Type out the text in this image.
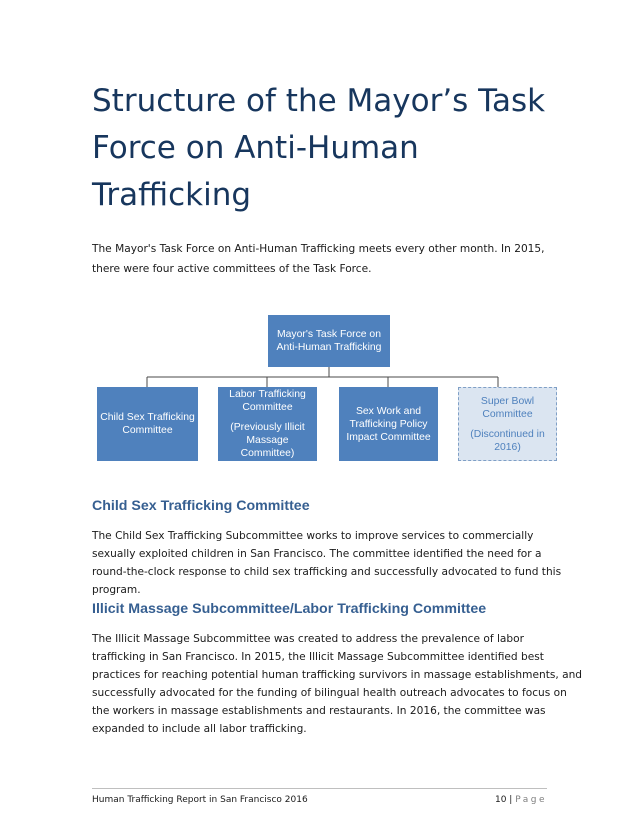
Structure of the Mayor’s Task
Force on Anti-Human
Trafficking

The Mayor's Task Force on Anti-Human Trafficking meets every other month. In 2015,
there were four active committees of the Task Force.

Mayor's Task Force on
Anti-Human Trafficking
Child Sex Trafficking
Committee
Labor Trafficking
Committee
(Previously Illicit
Massage
Committee)
Sex Work and
Trafficking Policy
Impact Committee
Super Bowl
Committee
(Discontinued in
2016)
Child Sex Trafficking Committee

The Child Sex Trafficking Subcommittee works to improve services to commercially
sexually exploited children in San Francisco. The committee identified the need for a
round-the-clock response to child sex trafficking and successfully advocated to fund this
program.

Illicit Massage Subcommittee/Labor Trafficking Committee

The Illicit Massage Subcommittee was created to address the prevalence of labor
trafficking in San Francisco. In 2015, the Illicit Massage Subcommittee identified best
practices for reaching potential human trafficking survivors in massage establishments, and
successfully advocated for the funding of bilingual health outreach advocates to focus on
the workers in massage establishments and restaurants. In 2016, the committee was
expanded to include all labor trafficking.

Human Trafficking Report in San Francisco 2016	10 | Page
